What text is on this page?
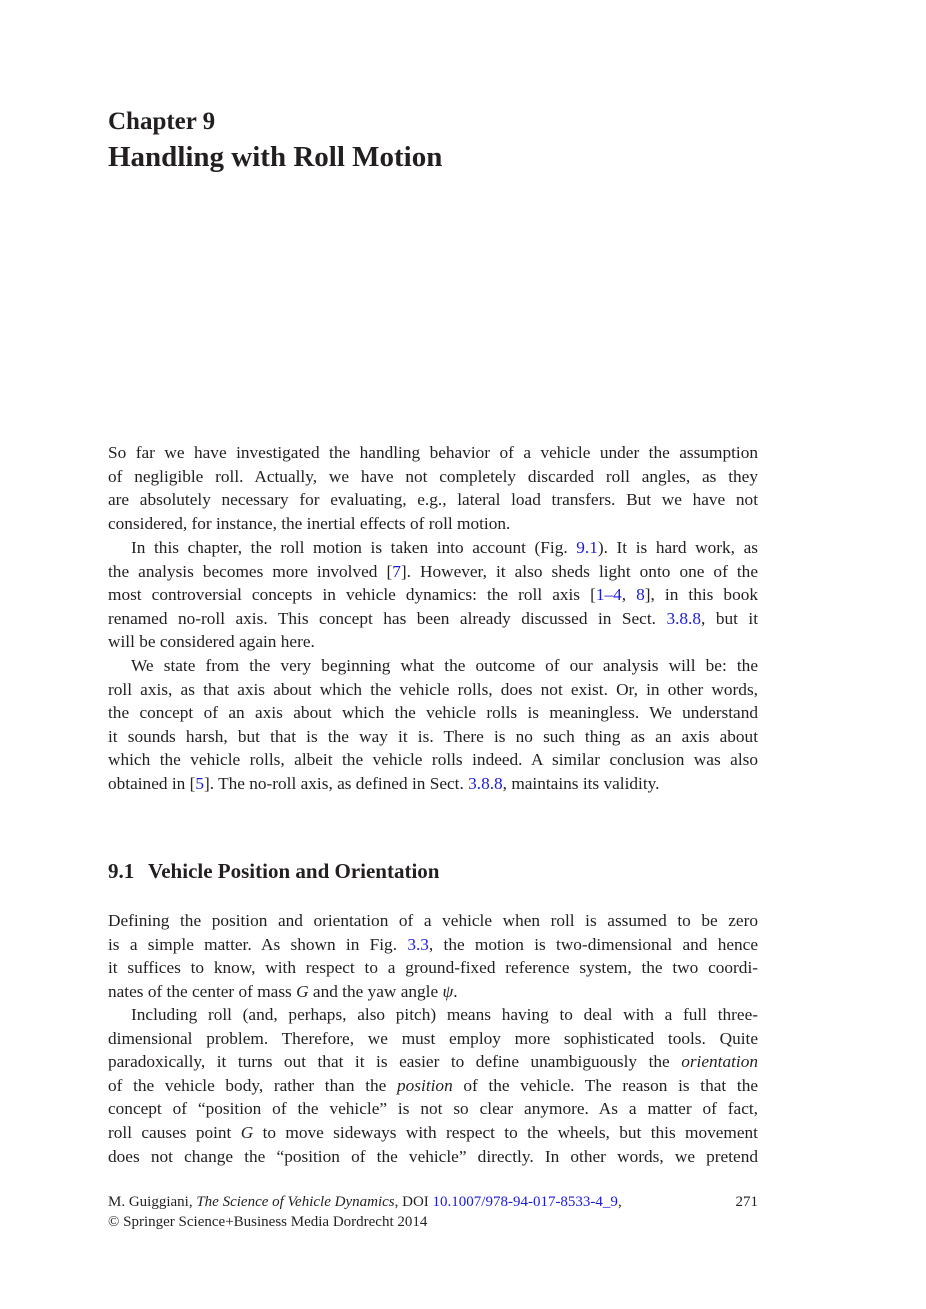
Chapter 9
Handling with Roll Motion
So far we have investigated the handling behavior of a vehicle under the assumption
of negligible roll. Actually, we have not completely discarded roll angles, as they
are absolutely necessary for evaluating, e.g., lateral load transfers. But we have not
considered, for instance, the inertial effects of roll motion.
In this chapter, the roll motion is taken into account (Fig. 9.1). It is hard work, as
the analysis becomes more involved [7]. However, it also sheds light onto one of the
most controversial concepts in vehicle dynamics: the roll axis [1–4, 8], in this book
renamed no-roll axis. This concept has been already discussed in Sect. 3.8.8, but it
will be considered again here.
We state from the very beginning what the outcome of our analysis will be: the
roll axis, as that axis about which the vehicle rolls, does not exist. Or, in other words,
the concept of an axis about which the vehicle rolls is meaningless. We understand
it sounds harsh, but that is the way it is. There is no such thing as an axis about
which the vehicle rolls, albeit the vehicle rolls indeed. A similar conclusion was also
obtained in [5]. The no-roll axis, as defined in Sect. 3.8.8, maintains its validity.
9.1 Vehicle Position and Orientation
Defining the position and orientation of a vehicle when roll is assumed to be zero
is a simple matter. As shown in Fig. 3.3, the motion is two-dimensional and hence
it suffices to know, with respect to a ground-fixed reference system, the two coordi-
nates of the center of mass G and the yaw angle ψ.
Including roll (and, perhaps, also pitch) means having to deal with a full three-
dimensional problem. Therefore, we must employ more sophisticated tools. Quite
paradoxically, it turns out that it is easier to define unambiguously the orientation
of the vehicle body, rather than the position of the vehicle. The reason is that the
concept of “position of the vehicle” is not so clear anymore. As a matter of fact,
roll causes point G to move sideways with respect to the wheels, but this movement
does not change the “position of the vehicle” directly. In other words, we pretend
M. Guiggiani, The Science of Vehicle Dynamics, DOI 10.1007/978-94-017-8533-4_9,	271
© Springer Science+Business Media Dordrecht 2014
